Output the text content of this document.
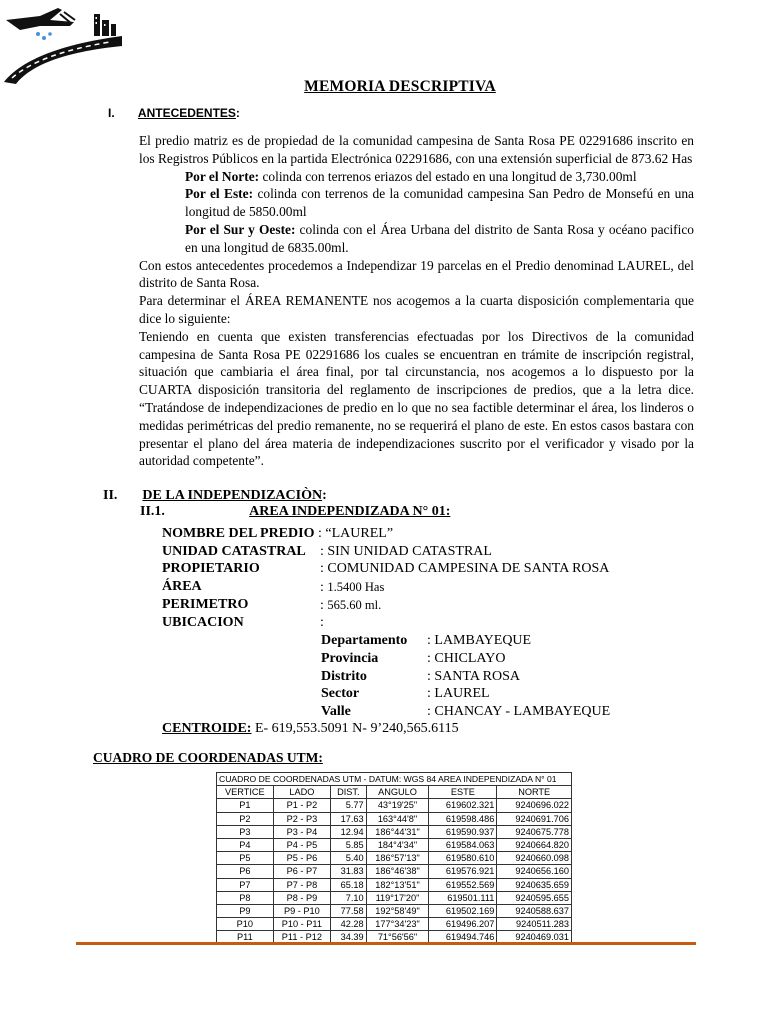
MEMORIA DESCRIPTIVA
I. ANTECEDENTES:

El predio matriz es de propiedad de la comunidad campesina de Santa Rosa PE 02291686 inscrito en los Registros Públicos en la partida Electrónica 02291686, con una extensión superficial de 873.62 Has

Por el Norte: colinda con terrenos eriazos del estado en una longitud de 3,730.00ml

Por el Este: colinda con terrenos de la comunidad campesina San Pedro de Monsefú en una longitud de 5850.00ml

Por el Sur y Oeste: colinda con el Área Urbana del distrito de Santa Rosa y océano pacifico en una longitud de 6835.00ml.

Con estos antecedentes procedemos a Independizar 19 parcelas en el Predio denominad LAUREL, del distrito de Santa Rosa.

Para determinar el ÁREA REMANENTE nos acogemos a la cuarta disposición complementaria que dice lo siguiente:

Teniendo en cuenta que existen transferencias efectuadas por los Directivos de la comunidad campesina de Santa Rosa PE 02291686 los cuales se encuentran en trámite de inscripción registral, situación que cambiaria el área final, por tal circunstancia, nos acogemos a lo dispuesto por la CUARTA disposición transitoria del reglamento de inscripciones de predios, que a la letra dice. “Tratándose de independizaciones de predio en lo que no sea factible determinar el área, los linderos o medidas perimétricas del predio remanente, no se requerirá el plano de este. En estos casos bastara con presentar el plano del área materia de independizaciones suscrito por el verificador y visado por la autoridad competente”.

II. DE LA INDEPENDIZACIÒN:
II.1.	AREA INDEPENDIZADA N° 01:
NOMBRE DEL PREDIO : “LAUREL”
UNIDAD CATASTRAL : SIN UNIDAD CATASTRAL
PROPIETARIO	: COMUNIDAD CAMPESINA DE SANTA ROSA
ÁREA	: 1.5400 Has
PERIMETRO	: 565.60 ml.
UBICACION	:
Departamento : LAMBAYEQUE
Provincia	: CHICLAYO
Distrito	: SANTA ROSA
Sector	: LAUREL
Valle	: CHANCAY - LAMBAYEQUE
CENTROIDE: E- 619,553.5091 N- 9’240,565.6115
CUADRO DE COORDENADAS UTM:
CUADRO DE COORDENADAS UTM - DATUM: WGS 84 AREA INDEPENDIZADA N° 01					
VERTICE	LADO	DIST.	ANGULO	ESTE	NORTE
P1	P1 - P2	5.77	43°19'25"	619602.321	9240696.022
P2	P2 - P3	17.63	163°44'8"	619598.486	9240691.706
P3	P3 - P4	12.94	186°44'31"	619590.937	9240675.778
P4	P4 - P5	5.85	184°4'34"	619584.063	9240664.820
P5	P5 - P6	5.40	186°57'13"	619580.610	9240660.098
P6	P6 - P7	31.83	186°46'38"	619576.921	9240656.160
P7	P7 - P8	65.18	182°13'51"	619552.569	9240635.659
P8	P8 - P9	7.10	119°17'20"	619501.111	9240595.655
P9	P9 - P10	77.58	192°58'49"	619502.169	9240588.637
P10	P10 - P11	42.28	177°34'23"	619496.207	9240511.283
P11	P11 - P12	34.39	71°56'56"	619494.746	9240469.031
